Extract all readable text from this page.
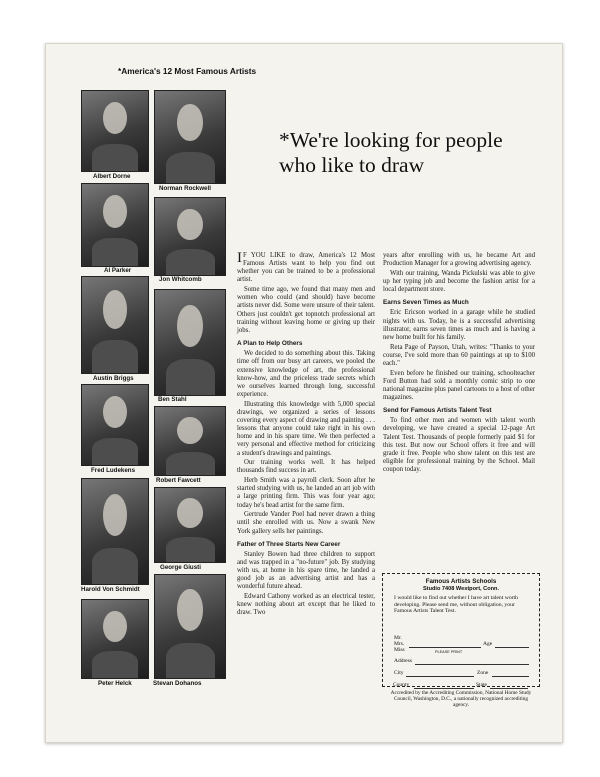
*America's 12 Most Famous Artists
Albert Dorne
Norman Rockwell
Al Parker
Jon Whitcomb
Austin Briggs
Ben Stahl
Fred Ludekens
Robert Fawcett
Harold Von Schmidt
George Giusti
Peter Helck	Stevan Dohanos
*We're looking for people who like to draw

I F YOU LIKE to draw, America's 12 Most Famous Artists want to help you find out whether you can be trained to be a professional artist.

Some time ago, we found that many men and women who could (and should) have become artists never did. Some were unsure of their talent. Others just couldn't get topnotch professional art training without leaving home or giving up their jobs.

A Plan to Help Others

We decided to do something about this. Taking time off from our busy art careers, we pooled the extensive knowledge of art, the professional know-how, and the priceless trade secrets which we ourselves learned through long, successful experience.

Illustrating this knowledge with 5,000 special drawings, we organized a series of lessons covering every aspect of drawing and painting . . . lessons that anyone could take right in his own home and in his spare time. We then perfected a very personal and effective method for criticizing a student's drawings and paintings.

Our training works well. It has helped thousands find success in art.

Herb Smith was a payroll clerk. Soon after he started studying with us, he landed an art job with a large printing firm. This was four year ago; today he's head artist for the same firm.

Gertrude Vander Poel had never drawn a thing until she enrolled with us. Now a swank New York gallery sells her paintings.

Father of Three Starts New Career

Stanley Bowen had three children to support and was trapped in a "no-future" job. By studying with us, at home in his spare time, he landed a good job as an advertising artist and has a wonderful future ahead.

Edward Cathony worked as an electrical tester, knew nothing about art except that he liked to draw. Two

years after enrolling with us, he became Art and Production Manager for a growing advertising agency.

With our training, Wanda Pickulski was able to give up her typing job and become the fashion artist for a local department store.

Earns Seven Times as Much

Eric Ericson worked in a garage while he studied nights with us. Today, he is a successful advertising illustrator, earns seven times as much and is having a new home built for his family.

Reta Page of Payson, Utah, writes: "Thanks to your course, I've sold more than 60 paintings at up to $100 each."

Even before he finished our training, schoolteacher Ford Button had sold a monthly comic strip to one national magazine plus panel cartoons to a host of other magazines.

Send for Famous Artists Talent Test

To find other men and women with talent worth developing, we have created a special 12-page Art Talent Test. Thousands of people formerly paid $1 for this test. But now our School offers it free and will grade it free. People who show talent on this test are eligible for professional training by the School. Mail coupon today.

Famous Artists Schools
Studio 7408 Westport, Conn.
I would like to find out whether I have art talent worth developing. Please send me, without obligation, your Famous Artists Talent Test.
Mr.
Mrs.	Age
Miss	PLEASE PRINT
Address
City	Zone
County	State
Accredited by the Accrediting Commission, National Home Study Council, Washington, D.C., a nationally recognized accrediting agency.
